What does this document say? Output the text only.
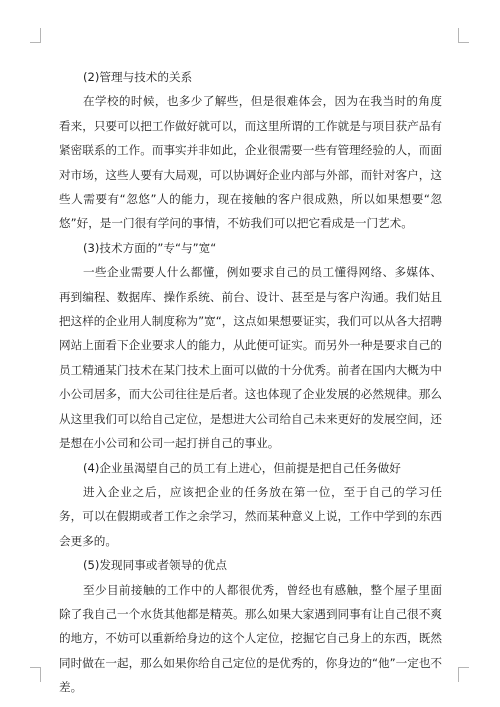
(2)管理与技术的关系

在学校的时候，也多少了解些，但是很难体会，因为在我当时的角度看来，只要可以把工作做好就可以，而这里所谓的工作就是与项目获产品有紧密联系的工作。而事实并非如此，企业很需要一些有管理经验的人，而面对市场，这些人要有大局观，可以协调好企业内部与外部，而针对客户，这些人需要有“忽悠”人的能力，现在接触的客户很成熟，所以如果想要“忽悠”好，是一门很有学问的事情，不妨我们可以把它看成是一门艺术。

(3)技术方面的”专“与”宽“

一些企业需要人什么都懂，例如要求自己的员工懂得网络、多媒体、再到编程、数据库、操作系统、前台、设计、甚至是与客户沟通。我们姑且把这样的企业用人制度称为”宽“，这点如果想要证实，我们可以从各大招聘网站上面看下企业要求人的能力，从此便可证实。而另外一种是要求自己的员工精通某门技术在某门技术上面可以做的十分优秀。前者在国内大概为中小公司居多，而大公司往往是后者。这也体现了企业发展的必然规律。那么从这里我们可以给自己定位，是想进大公司给自己未来更好的发展空间，还是想在小公司和公司一起打拼自己的事业。

(4)企业虽渴望自己的员工有上进心，但前提是把自己任务做好

进入企业之后，应该把企业的任务放在第一位，至于自己的学习任务，可以在假期或者工作之余学习，然而某种意义上说，工作中学到的东西会更多的。

(5)发现同事或者领导的优点

至少目前接触的工作中的人都很优秀，曾经也有感触，整个屋子里面除了我自己一个水货其他都是精英。那么如果大家遇到同事有让自己很不爽的地方，不妨可以重新给身边的这个人定位，挖掘它自己身上的东西，既然同时做在一起，那么如果你给自己定位的是优秀的，你身边的“他”一定也不差。
